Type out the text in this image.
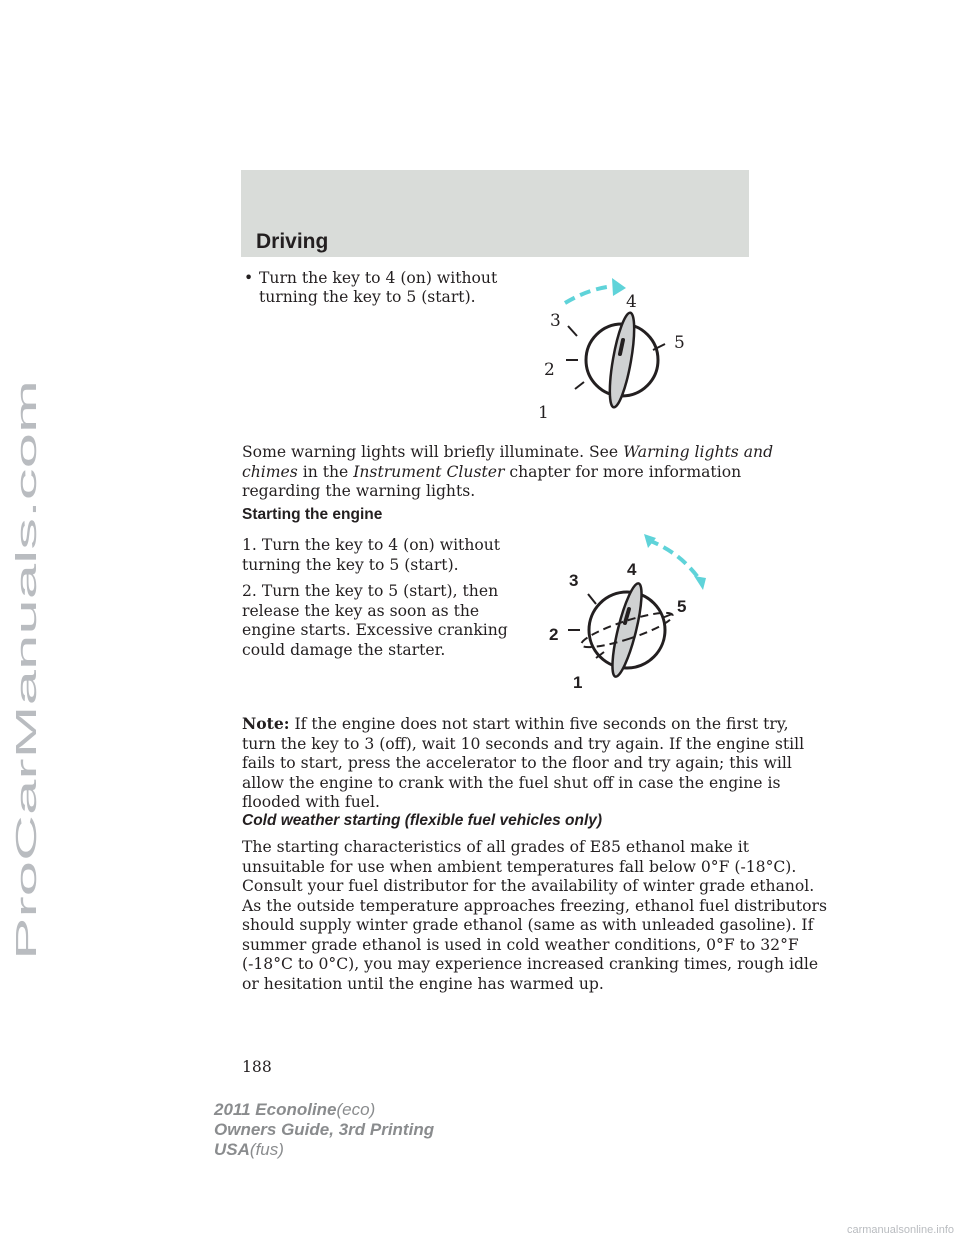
Driving
• Turn the key to 4 (on) without
turning the key to 5 (start).
1
2
3
4
5
Some warning lights will briefly illuminate. See Warning lights and
chimes in the Instrument Cluster chapter for more information
regarding the warning lights.
Starting the engine
1. Turn the key to 4 (on) without
turning the key to 5 (start).
2. Turn the key to 5 (start), then
release the key as soon as the
engine starts. Excessive cranking
could damage the starter.
1
2
3
4
5
Note: If the engine does not start within five seconds on the first try,
turn the key to 3 (off), wait 10 seconds and try again. If the engine still
fails to start, press the accelerator to the floor and try again; this will
allow the engine to crank with the fuel shut off in case the engine is
flooded with fuel.
Cold weather starting (flexible fuel vehicles only)
The starting characteristics of all grades of E85 ethanol make it
unsuitable for use when ambient temperatures fall below 0°F (-18°C).
Consult your fuel distributor for the availability of winter grade ethanol.
As the outside temperature approaches freezing, ethanol fuel distributors
should supply winter grade ethanol (same as with unleaded gasoline). If
summer grade ethanol is used in cold weather conditions, 0°F to 32°F
(-18°C to 0°C), you may experience increased cranking times, rough idle
or hesitation until the engine has warmed up.
188
2011 Econoline(eco)
Owners Guide, 3rd Printing
USA(fus)
ProCarManuals.com
carmanualsonline.info
